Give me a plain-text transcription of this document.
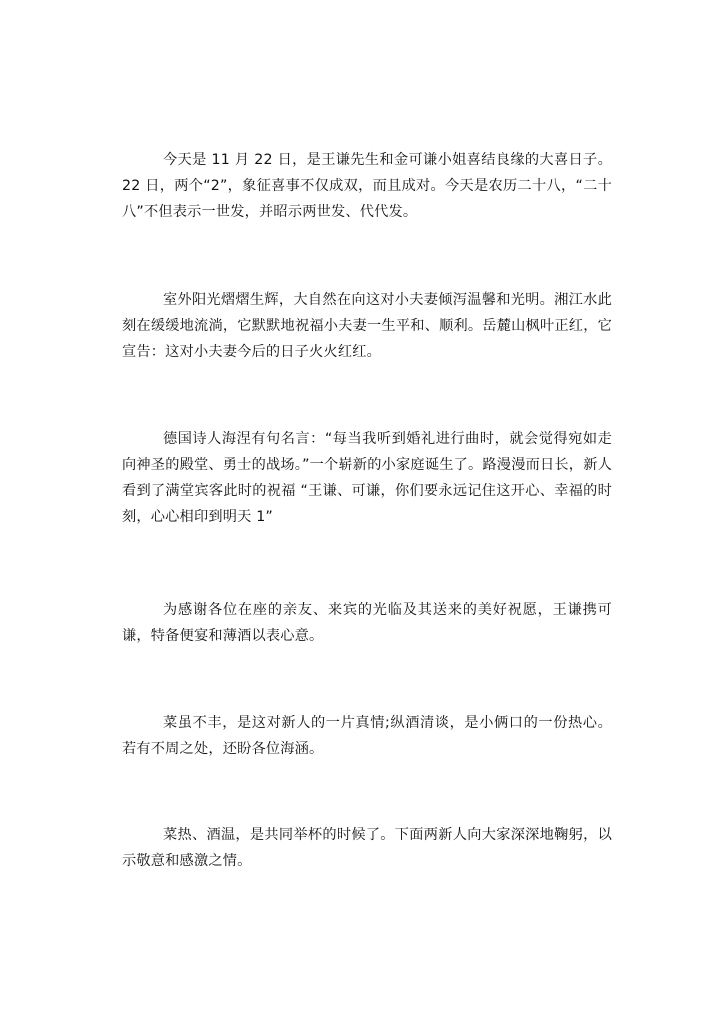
今天是 11 月 22 日，是王谦先生和金可谦小姐喜结良缘的大喜日子。22 日，两个“2”，象征喜事不仅成双，而且成对。今天是农历二十八，“二十八”不但表示一世发，并昭示两世发、代代发。

室外阳光熠熠生辉，大自然在向这对小夫妻倾泻温馨和光明。湘江水此刻在缓缓地流淌，它默默地祝福小夫妻一生平和、顺利。岳麓山枫叶正红，它宣告：这对小夫妻今后的日子火火红红。

德国诗人海涅有句名言：“每当我听到婚礼进行曲时，就会觉得宛如走向神圣的殿堂、勇士的战场。”一个崭新的小家庭诞生了。路漫漫而日长，新人看到了满堂宾客此时的祝福 “王谦、可谦，你们要永远记住这开心、幸福的时刻，心心相印到明天 1”

为感谢各位在座的亲友、来宾的光临及其送来的美好祝愿，王谦携可谦，特备便宴和薄酒以表心意。

菜虽不丰，是这对新人的一片真情;纵酒清谈，是小俩口的一份热心。若有不周之处，还盼各位海涵。

菜热、酒温，是共同举杯的时候了。下面两新人向大家深深地鞠躬，以示敬意和感激之情。
